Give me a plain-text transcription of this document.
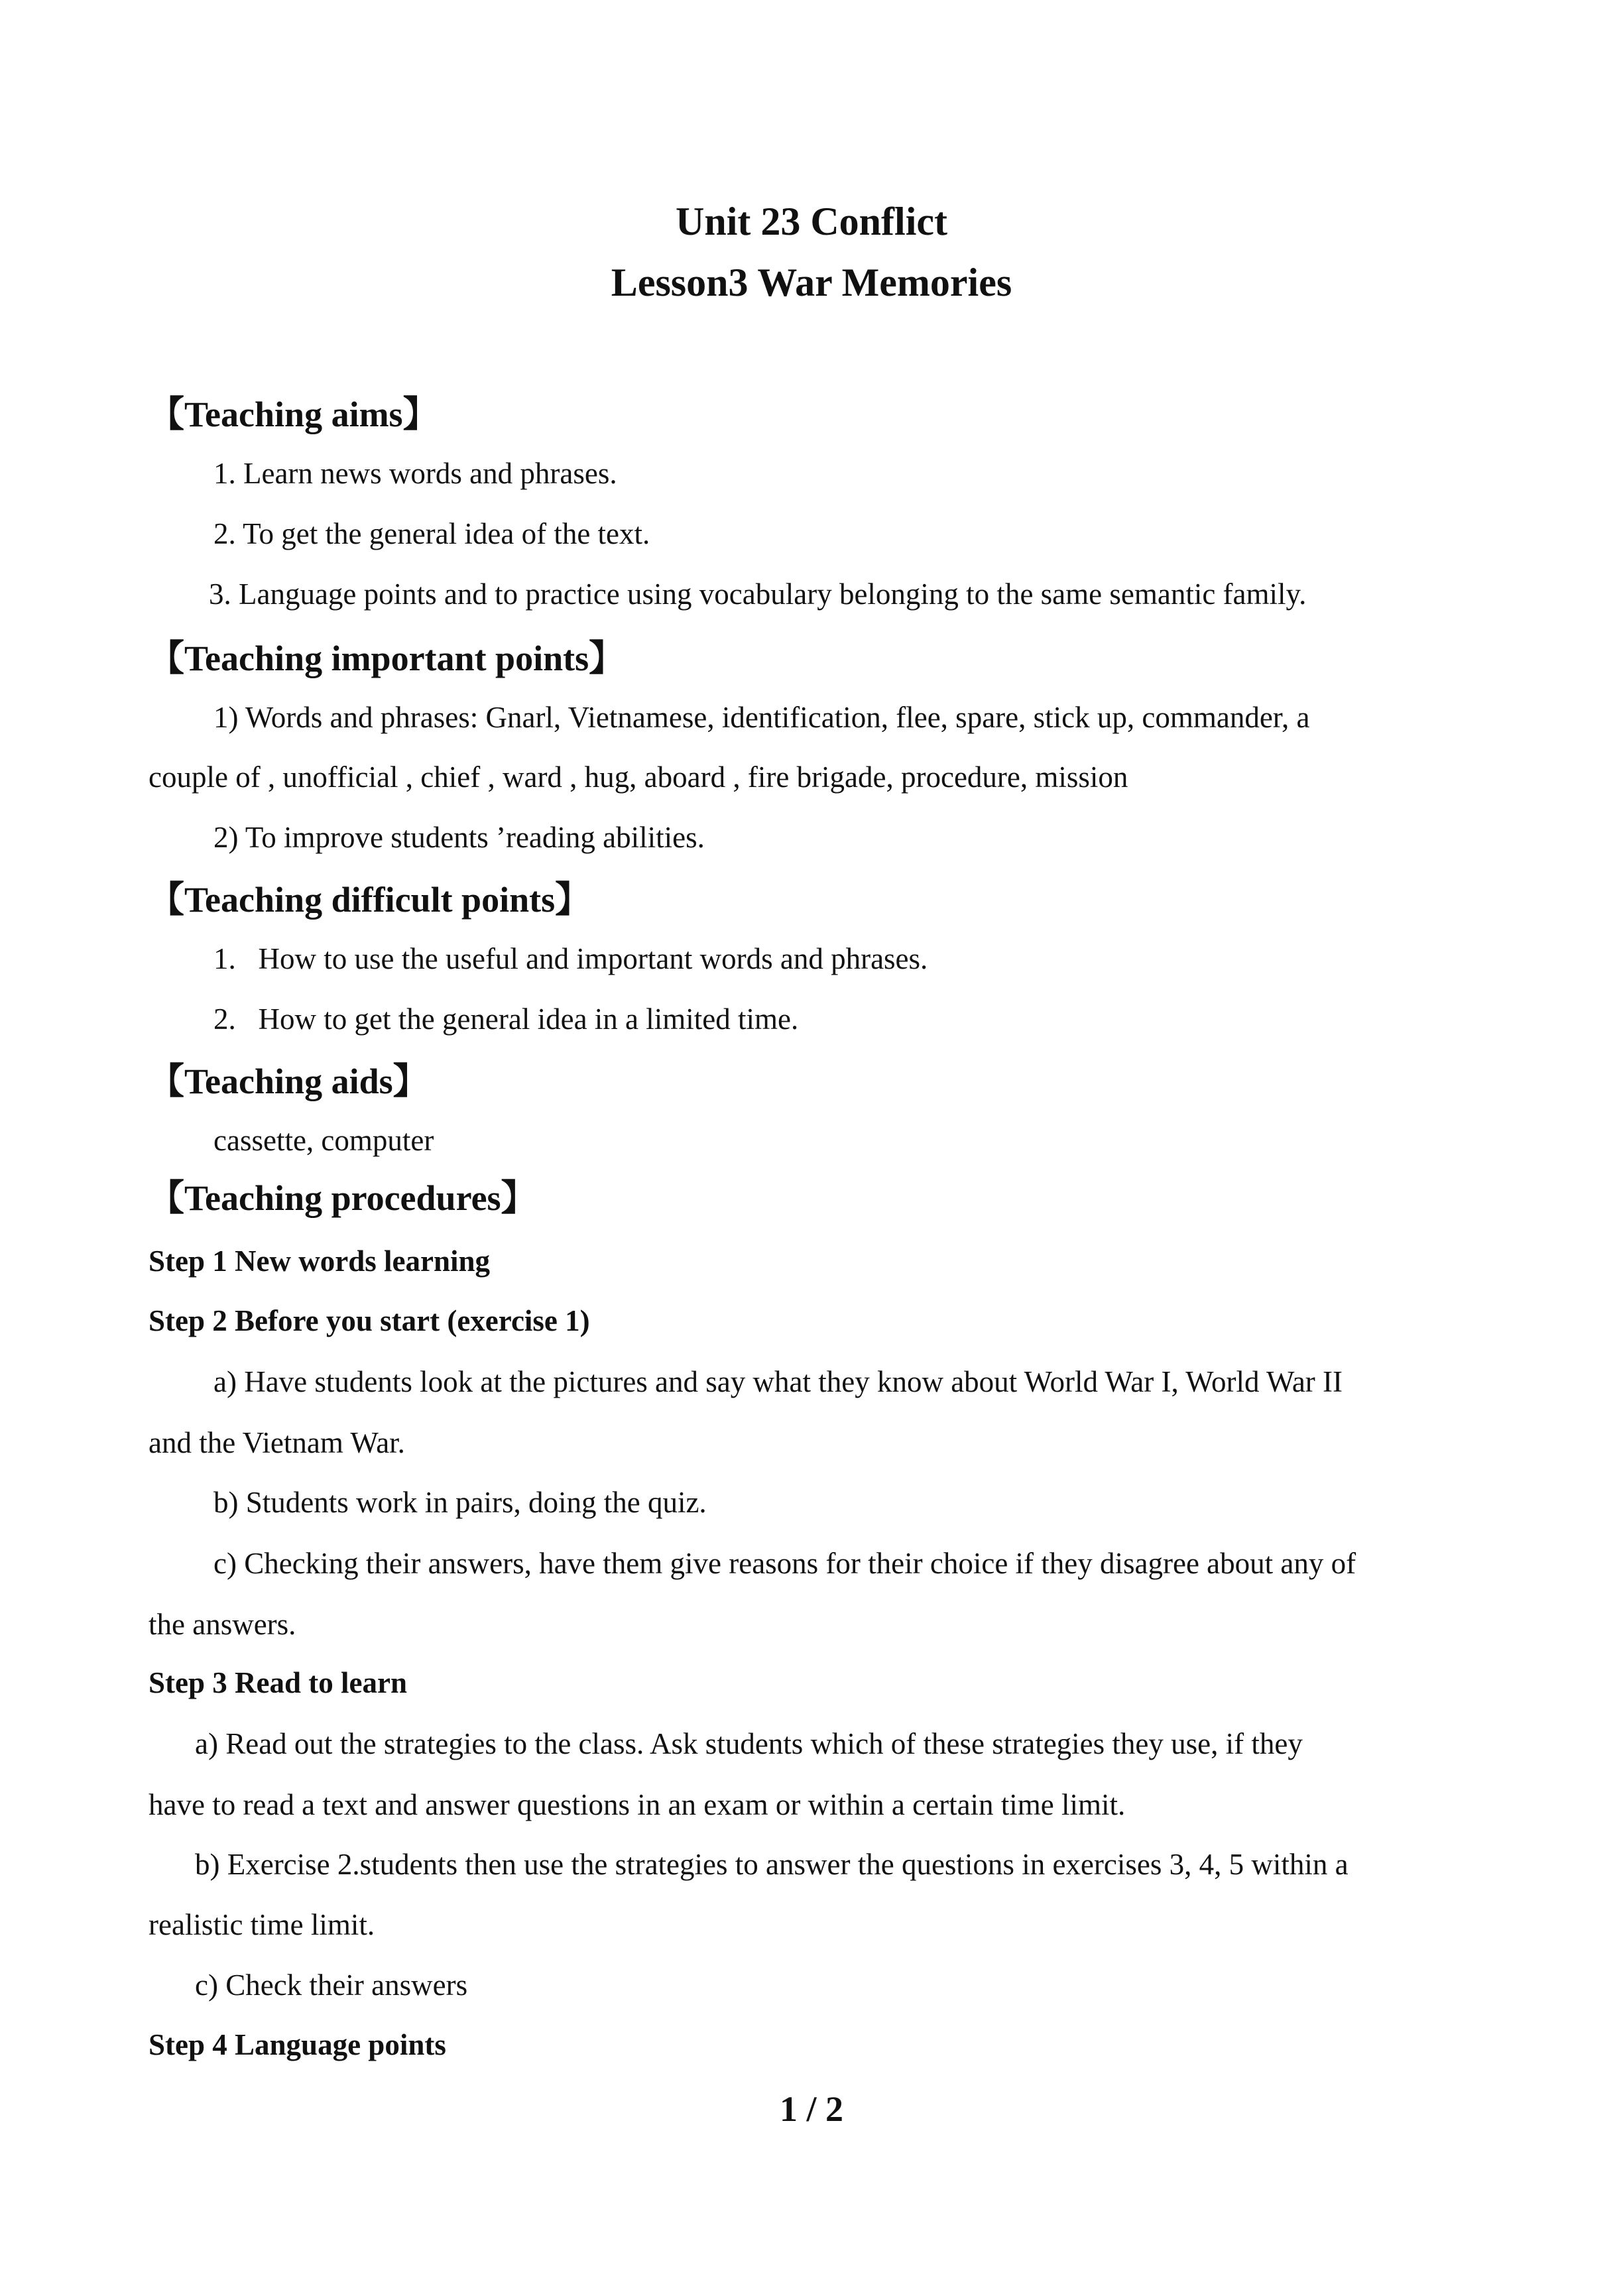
Unit 23 Conflict
Lesson3 War Memories
【Teaching aims】

1. Learn news words and phrases.

2. To get the general idea of the text.

3. Language points and to practice using vocabulary belonging to the same semantic family.

【Teaching important points】

1) Words and phrases: Gnarl, Vietnamese, identification, flee, spare, stick up, commander, a

couple of , unofficial , chief , ward , hug, aboard , fire brigade, procedure, mission

2) To improve students ’reading abilities.

【Teaching difficult points】

1.   How to use the useful and important words and phrases.

2.   How to get the general idea in a limited time.

【Teaching aids】

cassette, computer

【Teaching procedures】

Step 1 New words learning

Step 2 Before you start (exercise 1)

a) Have students look at the pictures and say what they know about World War I, World War II

and the Vietnam War.

b) Students work in pairs, doing the quiz.

c) Checking their answers, have them give reasons for their choice if they disagree about any of

the answers.

Step 3 Read to learn

a) Read out the strategies to the class. Ask students which of these strategies they use, if they

have to read a text and answer questions in an exam or within a certain time limit.

b) Exercise 2.students then use the strategies to answer the questions in exercises 3, 4, 5 within a

realistic time limit.

c) Check their answers

Step 4 Language points

1 / 2
